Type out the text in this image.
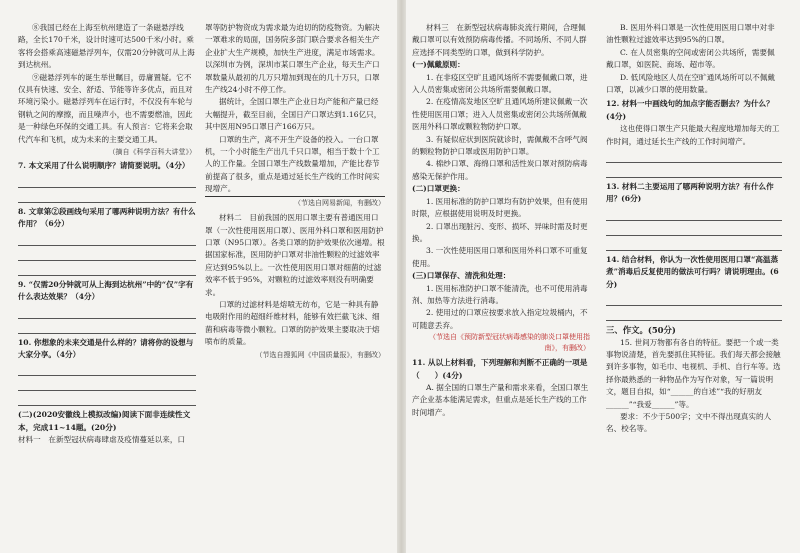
⑧我国已经在上海至杭州建造了一条磁悬浮线路，全长170千米，设计时速可达500千米/小时。乘客将会搭乘高速磁悬浮列车，仅需20分钟就可从上海到达杭州。

⑨磁悬浮列车的诞生举世瞩目，毋庸置疑。它不仅具有快速、安全、舒适、节能等许多优点，而且对环境污染小。磁悬浮列车在运行时，不仅没有车轮与钢轨之间的摩擦，而且噪声小，也不需要燃油，因此是一种绿色环保的交通工具。有人预言：它将来会取代汽车和飞机，成为未来的主要交通工具。

（摘自《科学百科大讲堂》）

7. 本文采用了什么说明顺序？请简要说明。（4分）

8. 文章第②段画线句采用了哪两种说明方法？有什么作用？（6分）

9. “仅需20分钟就可从上海到达杭州”中的“仅”字有什么表达效果？（4分）

10. 你想象的未来交通是什么样的？请将你的设想与大家分享。（4分）

(二)(2020安徽线上模拟改编)阅读下面非连续性文本，完成11~14题。(20分)

材料一　在新型冠状病毒肆虐及疫情蔓延以来，口

罩等防护物资成为需求最为迫切的防疫物资。为解决一罩难求的局面，国务院多部门联合要求各相关生产企业扩大生产规模，加快生产进度，满足市场需求。以深圳市为例，深圳市某口罩生产企业，每天生产口罩数量从最初的几万只增加到现在的几十万只，口罩生产线24小时不停工作。

据统计，全国口罩生产企业日均产能和产量已经大幅提升，截至目前，全国日产口罩达到1.16亿只，其中医用N95口罩日产166万只。

口罩的生产，离不开生产设备的投入。一台口罩机，一个小时能生产出几千只口罩，相当于数十个工人的工作量。全国口罩生产线数量增加，产能比春节前提高了很多，重点是通过延长生产线的工作时间实现增产。

（节选自网易新闻，有删改）

材料二　目前我国的医用口罩主要有普通医用口罩（一次性使用医用口罩）、医用外科口罩和医用防护口罩（N95口罩）。各类口罩的防护效果依次递增。根据国家标准，医用防护口罩对非油性颗粒的过滤效率应达到95%以上。一次性使用医用口罩对细菌的过滤效率不低于95%，对颗粒的过滤效率则没有明确要求。

口罩的过滤材料是熔喷无纺布，它是一种具有静电吸附作用的超细纤维材料，能够有效拦截飞沫、细菌和病毒等微小颗粒。口罩的防护效果主要取决于熔喷布的质量。

（节选自搜狐网《中国质量报》，有删改）

材料三　在新型冠状病毒肺炎流行期间，合理佩戴口罩可以有效预防病毒传播。不同场所、不同人群应选择不同类型的口罩，做到科学防护。

(一)佩戴原则：

1. 在非疫区空旷且通风场所不需要佩戴口罩，进入人员密集或密闭公共场所需要佩戴口罩。

2. 在疫情高发地区空旷且通风场所建议佩戴一次性使用医用口罩；进入人员密集或密闭公共场所佩戴医用外科口罩或颗粒物防护口罩。

3. 有疑似症状到医院就诊时，需佩戴不含呼气阀的颗粒物防护口罩或医用防护口罩。

4. 棉纱口罩、海绵口罩和活性炭口罩对预防病毒感染无保护作用。

(二)口罩更换：

1. 医用标准的防护口罩均有防护效果，但有使用时限，应根据使用说明及时更换。

2. 口罩出现脏污、变形、损坏、异味时需及时更换。

3. 一次性使用医用口罩和医用外科口罩不可重复使用。

(三)口罩保存、清洗和处理：

1. 医用标准防护口罩不能清洗，也不可使用消毒剂、加热等方法进行消毒。

2. 使用过的口罩应按要求放入指定垃圾桶内，不可随意丢弃。

（节选自《预防新型冠状病毒感染的肺炎口罩使用指南》，有删改）

11. 从以上材料看，下列理解和判断不正确的一项是（　　）(4分)

A. 据全国的口罩生产量和需求来看，全国口罩生产企业基本能满足需求，但重点是延长生产线的工作时间增产。

B. 医用外科口罩是一次性使用医用口罩中对非油性颗粒过滤效率达到95%的口罩。

C. 在人员密集的空间或密闭公共场所，需要佩戴口罩，如医院、商场、超市等。

D. 低风险地区人员在空旷通风场所可以不佩戴口罩，以减少口罩的使用数量。

12. 材料一中画线句的加点字能否删去？为什么？(4分)

这也使得口罩生产只能最大程度地增加每天的工作时间，通过延长生产线的工作时间增产。

13. 材料二主要运用了哪两种说明方法？有什么作用？(6分)

14. 结合材料，你认为一次性使用医用口罩“高温蒸煮”消毒后反复使用的做法可行吗？请说明理由。(6分)

三、作文。(50分)

15. 世间万物都有各自的特征。要把一个或一类事物说清楚，首先要抓住其特征。我们每天都会接触到许多事物，如毛巾、电视机、手机、自行车等。选择你最熟悉的一种物品作为写作对象，写一篇说明文，题目自拟，如“______的自述”“我的好朋友______”“我爱______”等。

要求：不少于500字；文中不得出现真实的人名、校名等。
